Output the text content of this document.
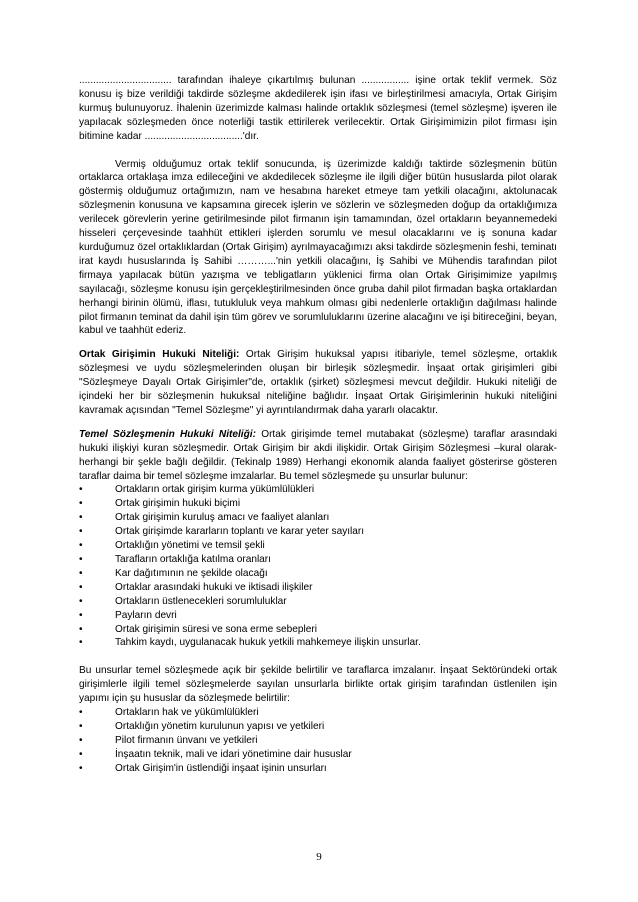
................................. tarafından ihaleye çıkartılmış bulunan ................. işine ortak teklif vermek. Söz konusu iş bize verildiği takdirde sözleşme akdedilerek işin ifası ve birleştirilmesi amacıyla, Ortak Girişim kurmuş bulunuyoruz. İhalenin üzerimizde kalması halinde ortaklık sözleşmesi (temel sözleşme) işveren ile yapılacak sözleşmeden önce noterliği tastik ettirilerek verilecektir. Ortak Girişimimizin pilot firması işin bitimine kadar ...................................'dır.

Vermiş olduğumuz ortak teklif sonucunda, iş üzerimizde kaldığı taktirde sözleşmenin bütün ortaklarca ortaklaşa imza edileceğini ve akdedilecek sözleşme ile ilgili diğer bütün hususlarda pilot olarak göstermiş olduğumuz ortağımızın, nam ve hesabına hareket etmeye tam yetkili olacağını, aktolunacak sözleşmenin konusuna ve kapsamına girecek işlerin ve sözlerin ve sözleşmeden doğup da ortaklığımıza verilecek görevlerin yerine getirilmesinde pilot firmanın işin tamamından, özel ortakların beyannemedeki hisseleri çerçevesinde taahhüt ettikleri işlerden sorumlu ve mesul olacaklarını ve iş sonuna kadar kurduğumuz özel ortaklıklardan (Ortak Girişim) ayrılmayacağımızı aksi takdirde sözleşmenin feshi, teminatı irat kaydı hususlarında İş Sahibi ………...'nin yetkili olacağını, İş Sahibi ve Mühendis tarafından pilot firmaya yapılacak bütün yazışma ve tebligatların yüklenici firma olan Ortak Girişimimize yapılmış sayılacağı, sözleşme konusu işin gerçekleştirilmesinden önce gruba dahil pilot firmadan başka ortaklardan herhangi birinin ölümü, iflası, tutukluluk veya mahkum olması gibi nedenlerle ortaklığın dağılması halinde pilot firmanın teminat da dahil işin tüm görev ve sorumluluklarını üzerine alacağını ve işi bitireceğini, beyan, kabul ve taahhüt ederiz.

Ortak Girişimin Hukuki Niteliği: Ortak Girişim hukuksal yapısı itibariyle, temel sözleşme, ortaklık sözleşmesi ve uydu sözleşmelerinden oluşan bir birleşik sözleşmedir. İnşaat ortak girişimleri gibi "Sözleşmeye Dayalı Ortak Girişimler"de, ortaklık (şirket) sözleşmesi mevcut değildir. Hukuki niteliği de içindeki her bir sözleşmenin hukuksal niteliğine bağlıdır. İnşaat Ortak Girişimlerinin hukuki niteliğini kavramak açısından "Temel Sözleşme" yi ayrıntılandırmak daha yararlı olacaktır.

Temel Sözleşmenin Hukuki Niteliği: Ortak girişimde temel mutabakat (sözleşme) taraflar arasındaki hukuki ilişkiyi kuran sözleşmedir. Ortak Girişim bir akdi ilişkidir. Ortak Girişim Sözleşmesi –kural olarak- herhangi bir şekle bağlı değildir. (Tekinalp 1989) Herhangi ekonomik alanda faaliyet gösterirse gösteren taraflar daima bir temel sözleşme imzalarlar. Bu temel sözleşmede şu unsurlar bulunur:

•	Ortakların ortak girişim kurma yükümlülükleri
•	Ortak girişimin hukuki biçimi
•	Ortak girişimin kuruluş amacı ve faaliyet alanları
•	Ortak girişimde kararların toplantı ve karar yeter sayıları
•	Ortaklığın yönetimi ve temsil şekli
•	Tarafların ortaklığa katılma oranları
•	Kar dağıtımının ne şekilde olacağı
•	Ortaklar arasındaki hukuki ve iktisadi ilişkiler
•	Ortakların üstlenecekleri sorumluluklar
•	Payların devri
•	Ortak girişimin süresi ve sona erme sebepleri
•	Tahkim kaydı, uygulanacak hukuk yetkili mahkemeye ilişkin unsurlar.

Bu unsurlar temel sözleşmede açık bir şekilde belirtilir ve taraflarca imzalanır. İnşaat Sektöründeki ortak girişimlerle ilgili temel sözleşmelerde sayılan unsurlarla birlikte ortak girişim tarafından üstlenilen işin yapımı için şu hususlar da sözleşmede belirtilir:

•	Ortakların hak ve yükümlülükleri
•	Ortaklığın yönetim kurulunun yapısı ve yetkileri
•	Pilot firmanın ünvanı ve yetkileri
•	İnşaatın teknik, mali ve idari yönetimine dair hususlar
•	Ortak Girişim'in üstlendiği inşaat işinin unsurları
9
